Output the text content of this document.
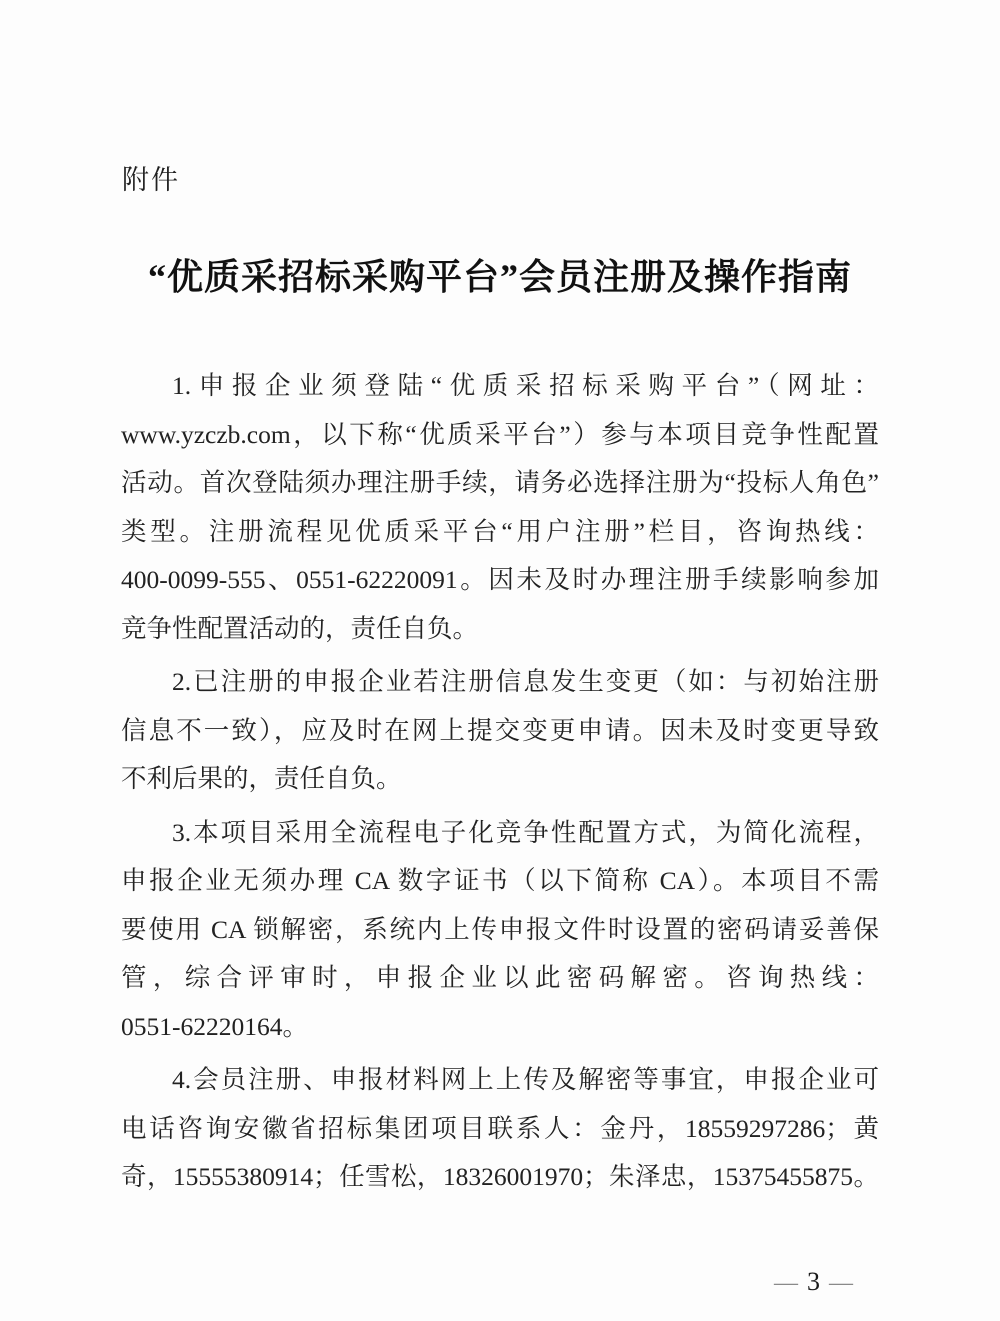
附件
“优质采招标采购平台”会员注册及操作指南
1.申报企业须登陆“优质采招标采购平台”（网址：
www.yzczb.com，以下称“优质采平台”）参与本项目竞争性配置
活动。首次登陆须办理注册手续，请务必选择注册为“投标人角色”
类型。注册流程见优质采平台“用户注册”栏目，咨询热线：
400-0099-555、0551-62220091。因未及时办理注册手续影响参加
竞争性配置活动的，责任自负。
2.已注册的申报企业若注册信息发生变更（如：与初始注册
信息不一致），应及时在网上提交变更申请。因未及时变更导致
不利后果的，责任自负。
3.本项目采用全流程电子化竞争性配置方式，为简化流程，
申报企业无须办理 CA 数字证书（以下简称 CA）。本项目不需
要使用 CA 锁解密，系统内上传申报文件时设置的密码请妥善保
管，综合评审时，申报企业以此密码解密。咨询热线：
0551-62220164。
4.会员注册、申报材料网上上传及解密等事宜，申报企业可
电话咨询安徽省招标集团项目联系人：金丹，18559297286；黄
奇，15555380914；任雪松，18326001970；朱泽忠，15375455875。
— 3 —
